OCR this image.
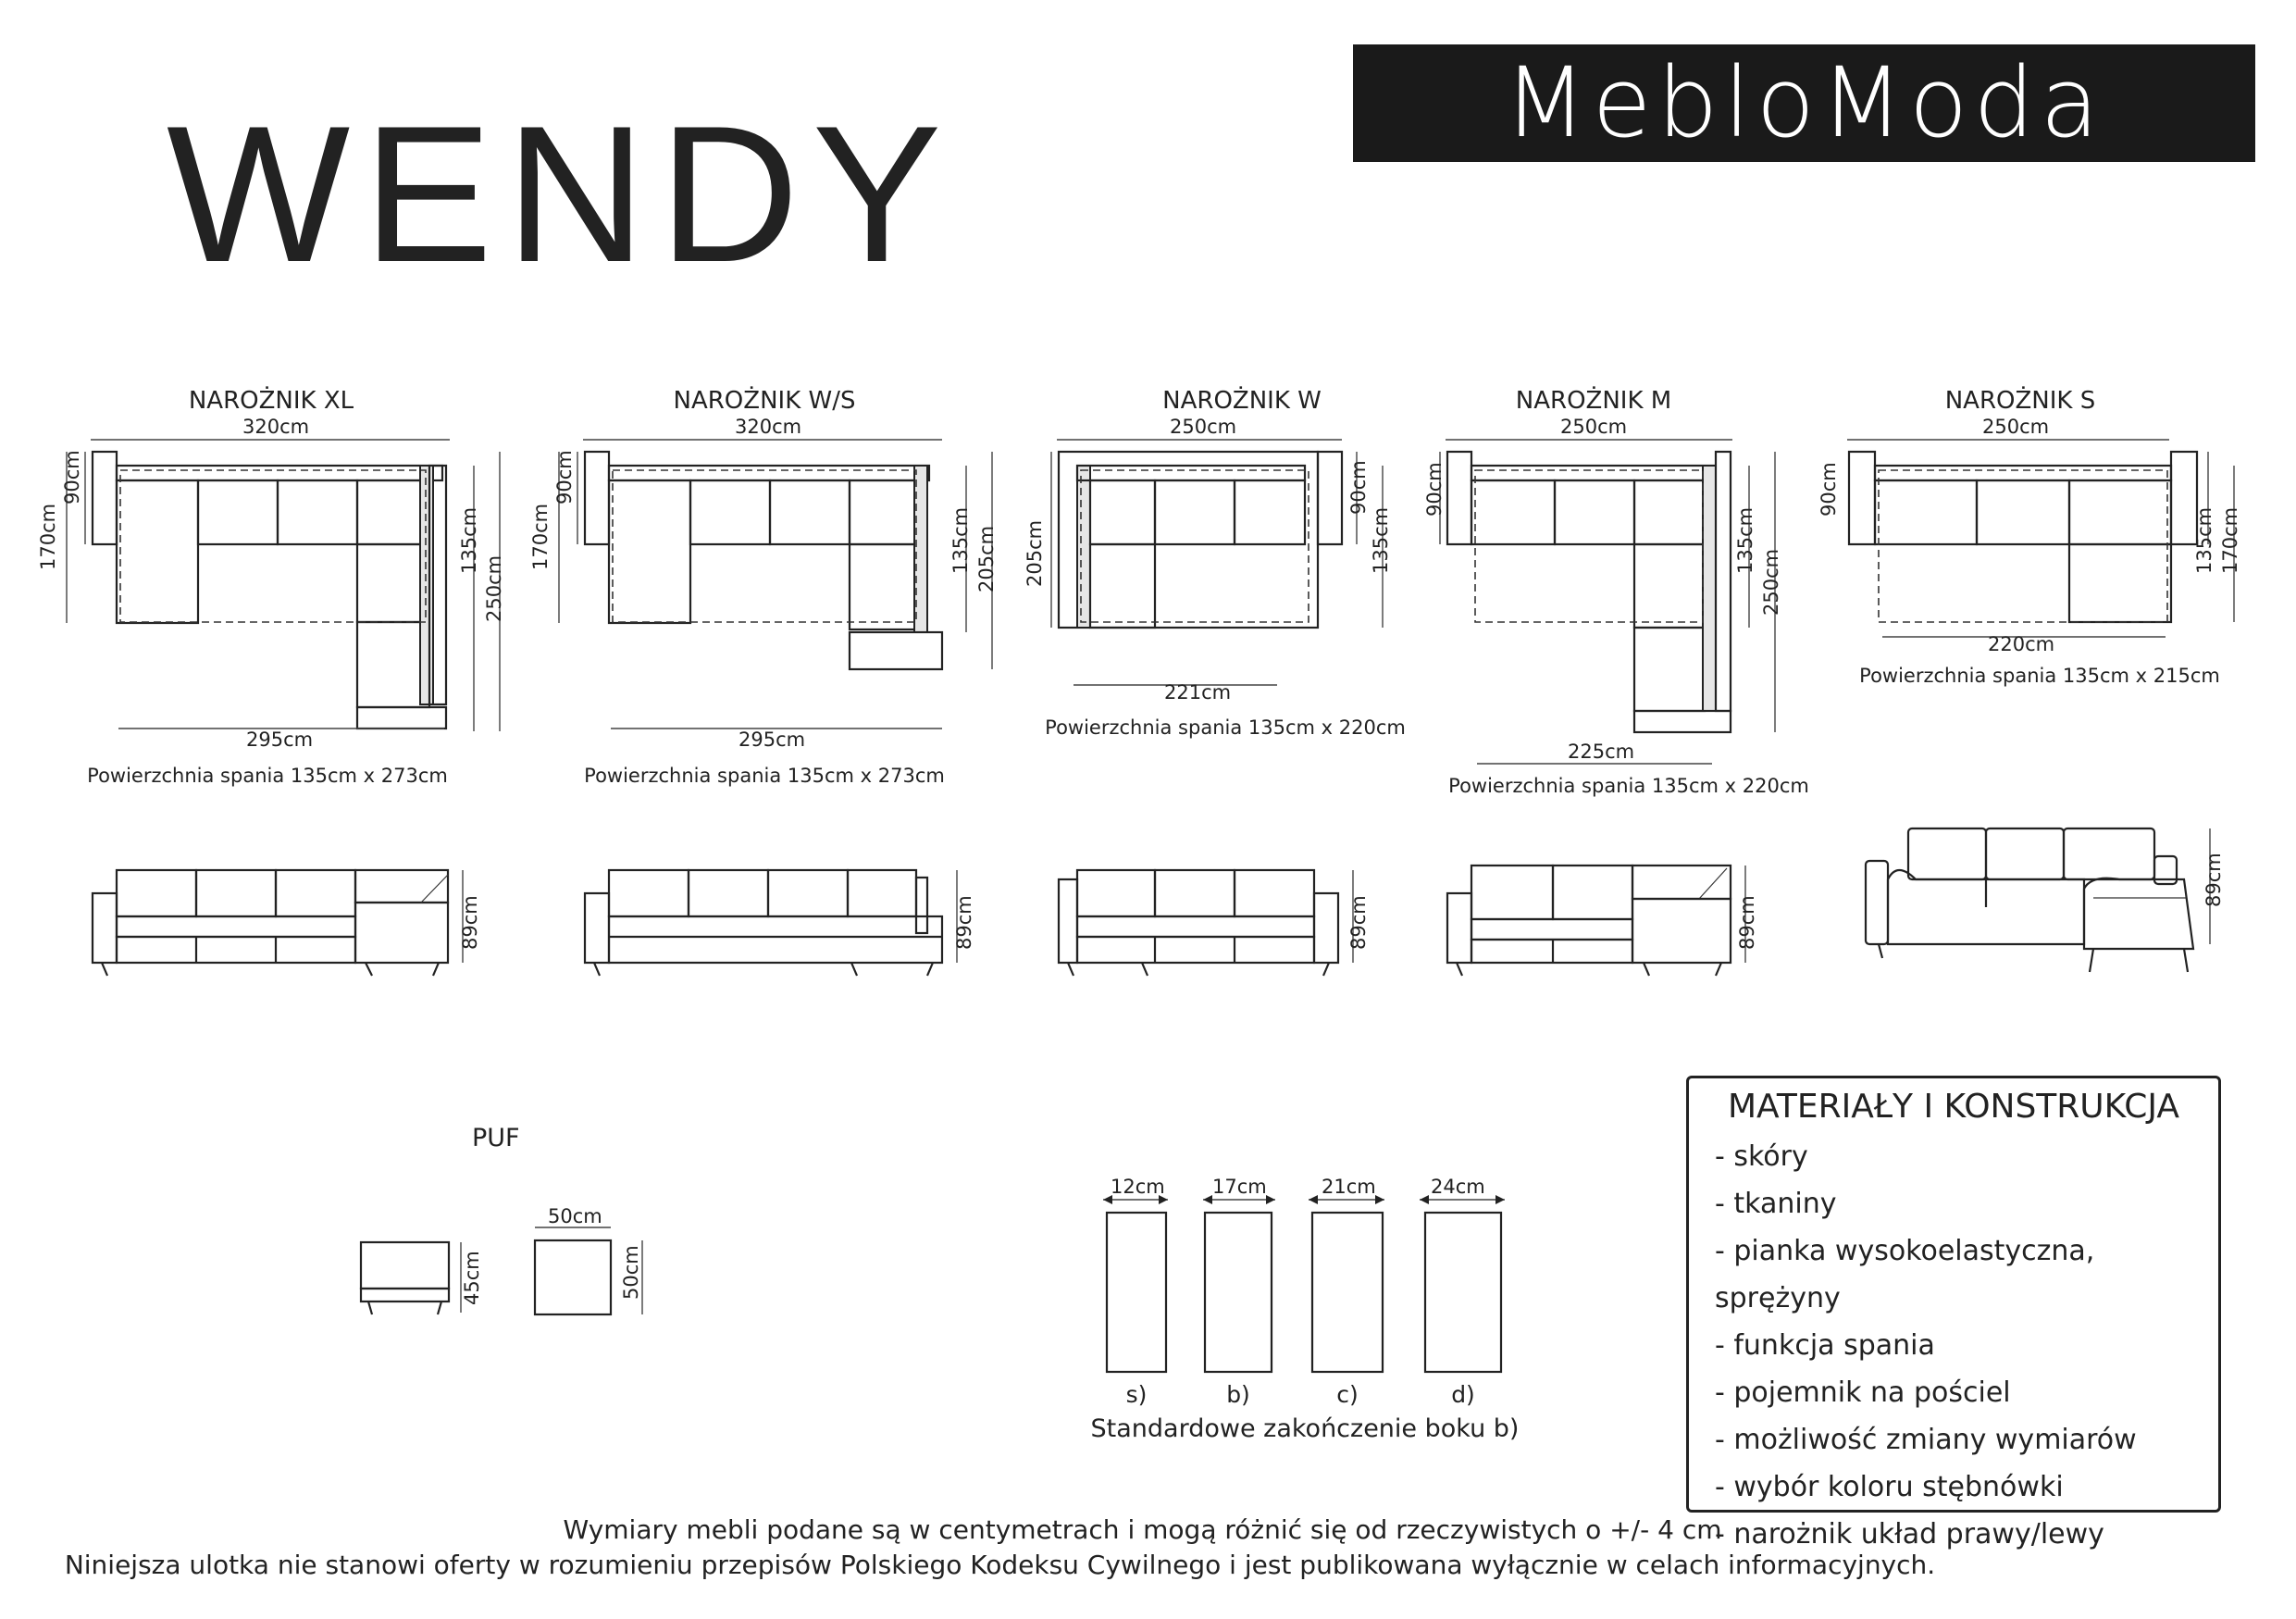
WENDY	MebloModa
NAROŻNIK XL	NAROŻNIK W/S	NAROŻNIK W	NAROŻNIK M	NAROŻNIK S
320cm
170cm
90cm
135cm
250cm
295cm
Powierzchnia spania 135cm x 273cm
320cm
170cm
90cm
135cm 205cm
295cm
Powierzchnia spania 135cm x 273cm
250cm
205cm
90cm
135cm
221cm
Powierzchnia spania 135cm x 220cm
250cm
90cm
135cm
250cm
225cm
Powierzchnia spania 135cm x 220cm
250cm
90cm
135cm 170cm
220cm
Powierzchnia spania 135cm x 215cm
89cm	89cm	89cm	89cm
89cm
PUF
45cm
50cm
50cm
12cm 17cm	21cm	24cm
s)	b)	c)	d)
Standardowe zakończenie boku b)
MATERIAŁY I KONSTRUKCJA
- skóry
- tkaniny
- pianka wysokoelastyczna, sprężyny
- funkcja spania
- pojemnik na pościel
- możliwość zmiany wymiarów
- wybór koloru stębnówki
- narożnik układ prawy/lewy
Wymiary mebli podane są w centymetrach i mogą różnić się od rzeczywistych o +/- 4 cm
Niniejsza ulotka nie stanowi oferty w rozumieniu przepisów Polskiego Kodeksu Cywilnego i jest publikowana wyłącznie w celach informacyjnych.
